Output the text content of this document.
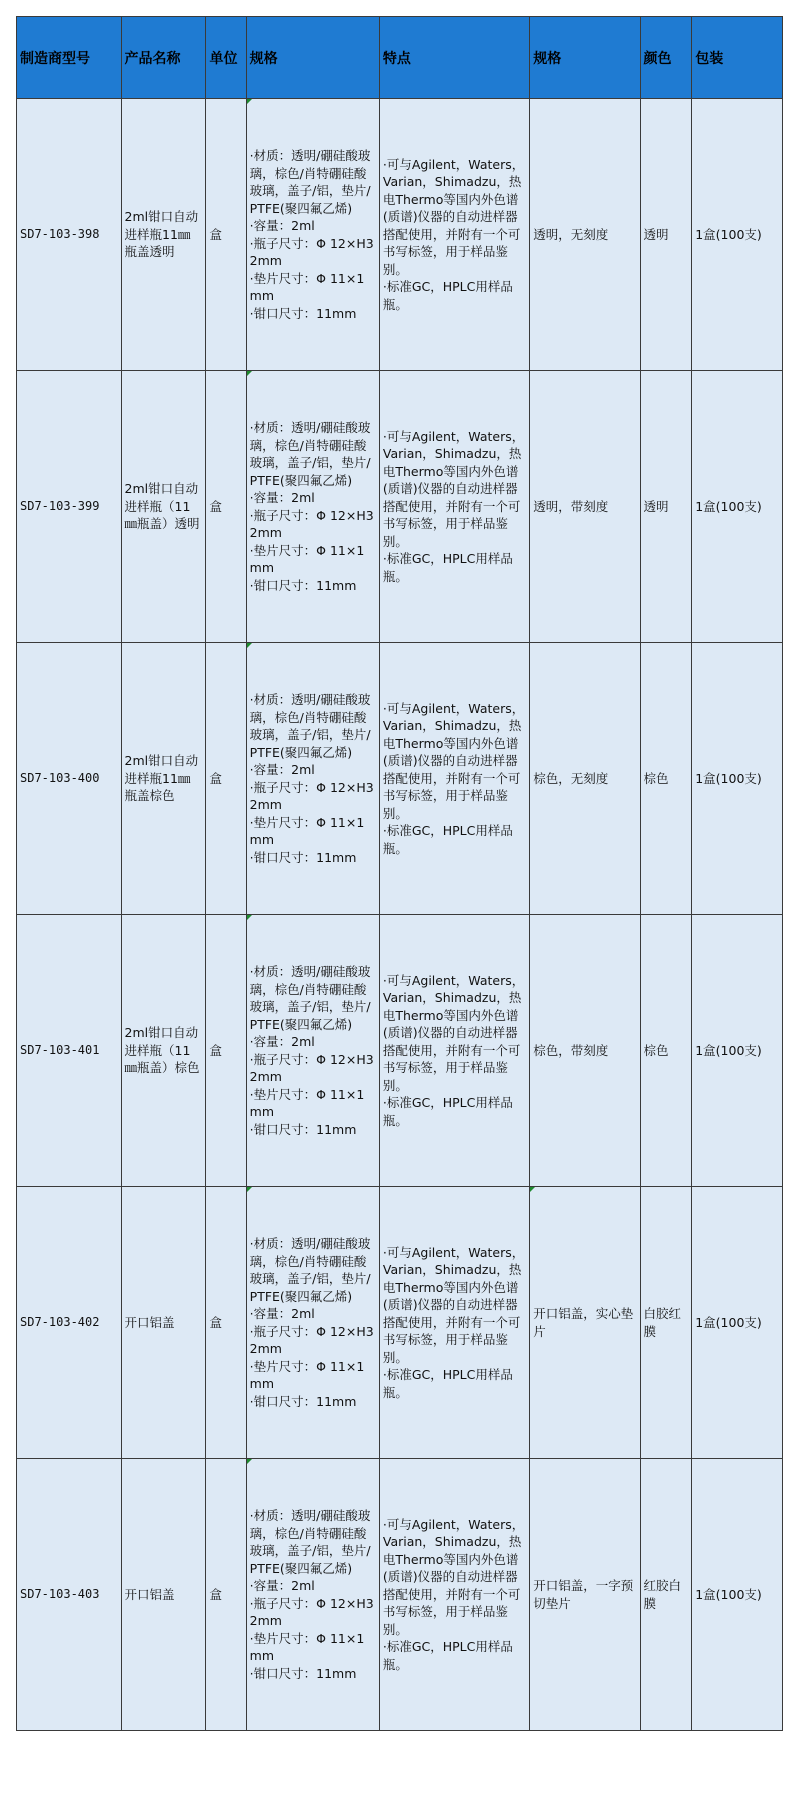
制造商型号	产品名称	单位	规格	特点	规格	颜色	包装
SD7-103-398	2ml钳口自动进样瓶11㎜瓶盖透明	盒	·材质：透明/硼硅酸玻璃，棕色/肖特硼硅酸玻璃，盖子/铝，垫片/PTFE(聚四氟乙烯)
·容量：2ml
·瓶子尺寸：Φ 12×H32mm
·垫片尺寸：Φ 11×1mm
·钳口尺寸：11mm	·可与Agilent，Waters，Varian，Shimadzu，热电Thermo等国内外色谱(质谱)仪器的自动进样器搭配使用，并附有一个可书写标签，用于样品鉴别。
·标准GC，HPLC用样品瓶。	透明，无刻度	透明	1盒(100支)
SD7-103-399	2ml钳口自动进样瓶（11㎜瓶盖）透明	盒	·材质：透明/硼硅酸玻璃，棕色/肖特硼硅酸玻璃，盖子/铝，垫片/PTFE(聚四氟乙烯)
·容量：2ml
·瓶子尺寸：Φ 12×H32mm
·垫片尺寸：Φ 11×1mm
·钳口尺寸：11mm	·可与Agilent，Waters，Varian，Shimadzu，热电Thermo等国内外色谱(质谱)仪器的自动进样器搭配使用，并附有一个可书写标签，用于样品鉴别。
·标准GC，HPLC用样品瓶。	透明，带刻度	透明	1盒(100支)
SD7-103-400	2ml钳口自动进样瓶11㎜瓶盖棕色	盒	·材质：透明/硼硅酸玻璃，棕色/肖特硼硅酸玻璃，盖子/铝，垫片/PTFE(聚四氟乙烯)
·容量：2ml
·瓶子尺寸：Φ 12×H32mm
·垫片尺寸：Φ 11×1mm
·钳口尺寸：11mm	·可与Agilent，Waters，Varian，Shimadzu，热电Thermo等国内外色谱(质谱)仪器的自动进样器搭配使用，并附有一个可书写标签，用于样品鉴别。
·标准GC，HPLC用样品瓶。	棕色，无刻度	棕色	1盒(100支)
SD7-103-401	2ml钳口自动进样瓶（11㎜瓶盖）棕色	盒	·材质：透明/硼硅酸玻璃，棕色/肖特硼硅酸玻璃，盖子/铝，垫片/PTFE(聚四氟乙烯)
·容量：2ml
·瓶子尺寸：Φ 12×H32mm
·垫片尺寸：Φ 11×1mm
·钳口尺寸：11mm	·可与Agilent，Waters，Varian，Shimadzu，热电Thermo等国内外色谱(质谱)仪器的自动进样器搭配使用，并附有一个可书写标签，用于样品鉴别。
·标准GC，HPLC用样品瓶。	棕色，带刻度	棕色	1盒(100支)
SD7-103-402	开口铝盖	盒	·材质：透明/硼硅酸玻璃，棕色/肖特硼硅酸玻璃，盖子/铝，垫片/PTFE(聚四氟乙烯)
·容量：2ml
·瓶子尺寸：Φ 12×H32mm
·垫片尺寸：Φ 11×1mm
·钳口尺寸：11mm	·可与Agilent，Waters，Varian，Shimadzu，热电Thermo等国内外色谱(质谱)仪器的自动进样器搭配使用，并附有一个可书写标签，用于样品鉴别。
·标准GC，HPLC用样品瓶。	开口铝盖，实心垫片	白胶红膜	1盒(100支)
SD7-103-403	开口铝盖	盒	·材质：透明/硼硅酸玻璃，棕色/肖特硼硅酸玻璃，盖子/铝，垫片/PTFE(聚四氟乙烯)
·容量：2ml
·瓶子尺寸：Φ 12×H32mm
·垫片尺寸：Φ 11×1mm
·钳口尺寸：11mm	·可与Agilent，Waters，Varian，Shimadzu，热电Thermo等国内外色谱(质谱)仪器的自动进样器搭配使用，并附有一个可书写标签，用于样品鉴别。
·标准GC，HPLC用样品瓶。	开口铝盖，一字预切垫片	红胶白膜	1盒(100支)
